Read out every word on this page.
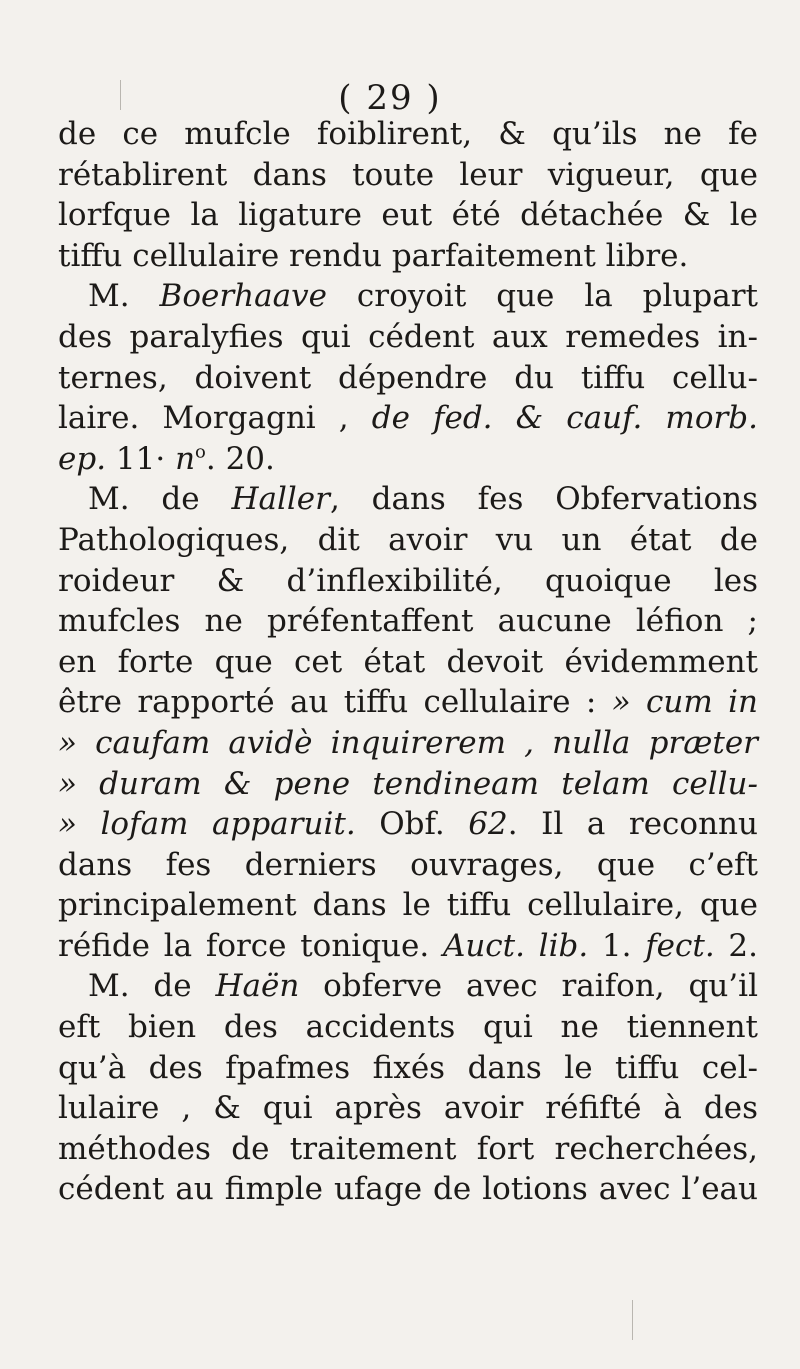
( 29 )
de ce mufcle foiblirent, & qu’ils ne fe
rétablirent dans toute leur vigueur, que
lorfque la ligature eut été détachée & le
tiffu cellulaire rendu parfaitement libre.
M. Boerhaave croyoit que la plupart
des paralyfies qui cédent aux remedes in-
ternes, doivent dépendre du tiffu cellu-
laire. Morgagni , de fed. & cauf. morb.
ep. $11\cdot n^o$. 20.
M. de Haller, dans fes Obfervations
Pathologiques, dit avoir vu un état de
roideur & d’inflexibilité, quoique les
mufcles ne préfentaffent aucune léfion ;
en forte que cet état devoit évidemment
être rapporté au tiffu cellulaire : » cum in
» caufam avidè inquirerem , nulla præter
» duram & pene tendineam telam cellu-
» lofam apparuit. Obf. 62. Il a reconnu
dans fes derniers ouvrages, que c’eft
principalement dans le tiffu cellulaire, que
réfide la force tonique. Auct. lib. 1. fect. 2.
M. de Haën obferve avec raifon, qu’il
eft bien des accidents qui ne tiennent
qu’à des fpafmes fixés dans le tiffu cel-
lulaire , & qui après avoir réfifté à des
méthodes de traitement fort recherchées,
cédent au fimple ufage de lotions avec l’eau
